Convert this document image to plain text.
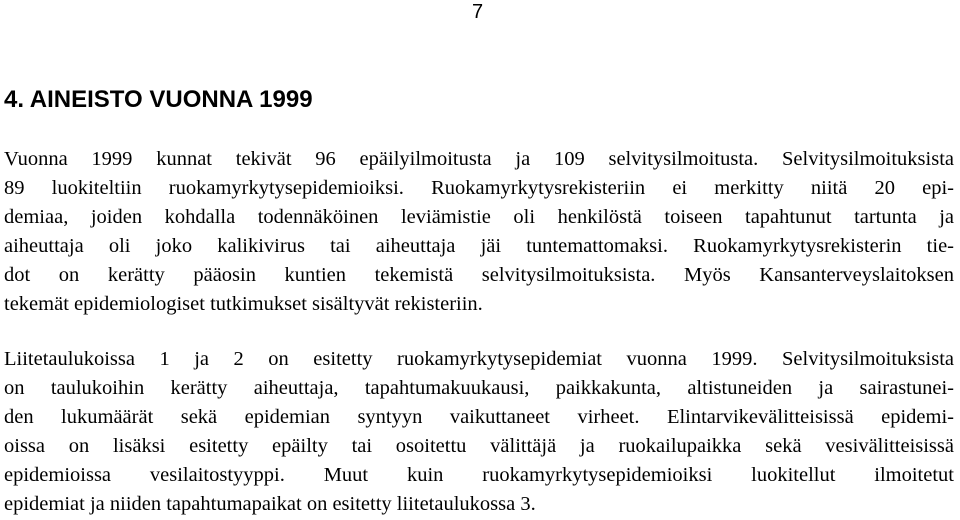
7
4. AINEISTO VUONNA 1999

Vuonna 1999 kunnat tekivät 96 epäilyilmoitusta ja 109 selvitysilmoitusta. Selvitysilmoituksista
89 luokiteltiin ruokamyrkytysepidemioiksi. Ruokamyrkytysrekisteriin ei merkitty niitä 20 epi-
demiaa, joiden kohdalla todennäköinen leviämistie oli henkilöstä toiseen tapahtunut tartunta ja
aiheuttaja oli joko kalikivirus tai aiheuttaja jäi tuntemattomaksi. Ruokamyrkytysrekisterin tie-
dot on kerätty pääosin kuntien tekemistä selvitysilmoituksista. Myös Kansanterveyslaitoksen
tekemät epidemiologiset tutkimukset sisältyvät rekisteriin.

Liitetaulukoissa 1 ja 2 on esitetty ruokamyrkytysepidemiat vuonna 1999. Selvitysilmoituksista
on taulukoihin kerätty aiheuttaja, tapahtumakuukausi, paikkakunta, altistuneiden ja sairastunei-
den lukumäärät sekä epidemian syntyyn vaikuttaneet virheet. Elintarvikevälitteisissä epidemi-
oissa on lisäksi esitetty epäilty tai osoitettu välittäjä ja ruokailupaikka sekä vesivälitteisissä
epidemioissa vesilaitostyyppi. Muut kuin ruokamyrkytysepidemioiksi luokitellut ilmoitetut
epidemiat ja niiden tapahtumapaikat on esitetty liitetaulukossa 3.
